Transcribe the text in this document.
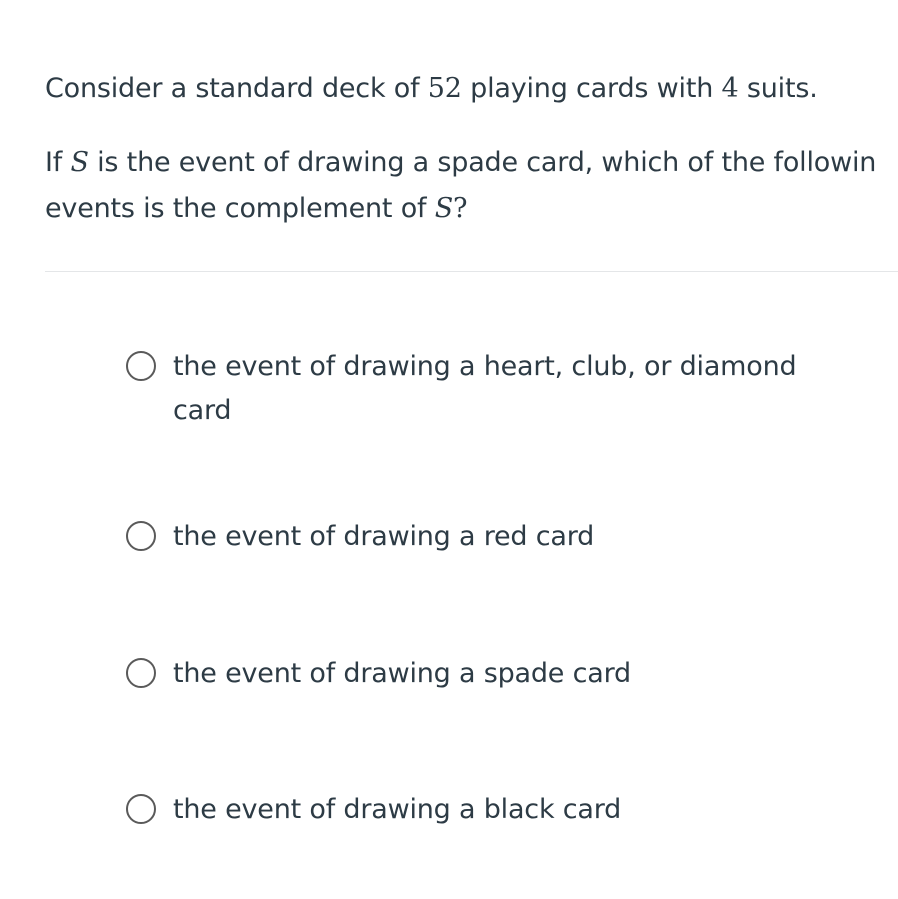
Consider a standard deck of 52 playing cards with 4 suits.

If S is the event of drawing a spade card, which of the followin
events is the complement of S?

the event of drawing a heart, club, or diamond card
the event of drawing a red card
the event of drawing a spade card
the event of drawing a black card
